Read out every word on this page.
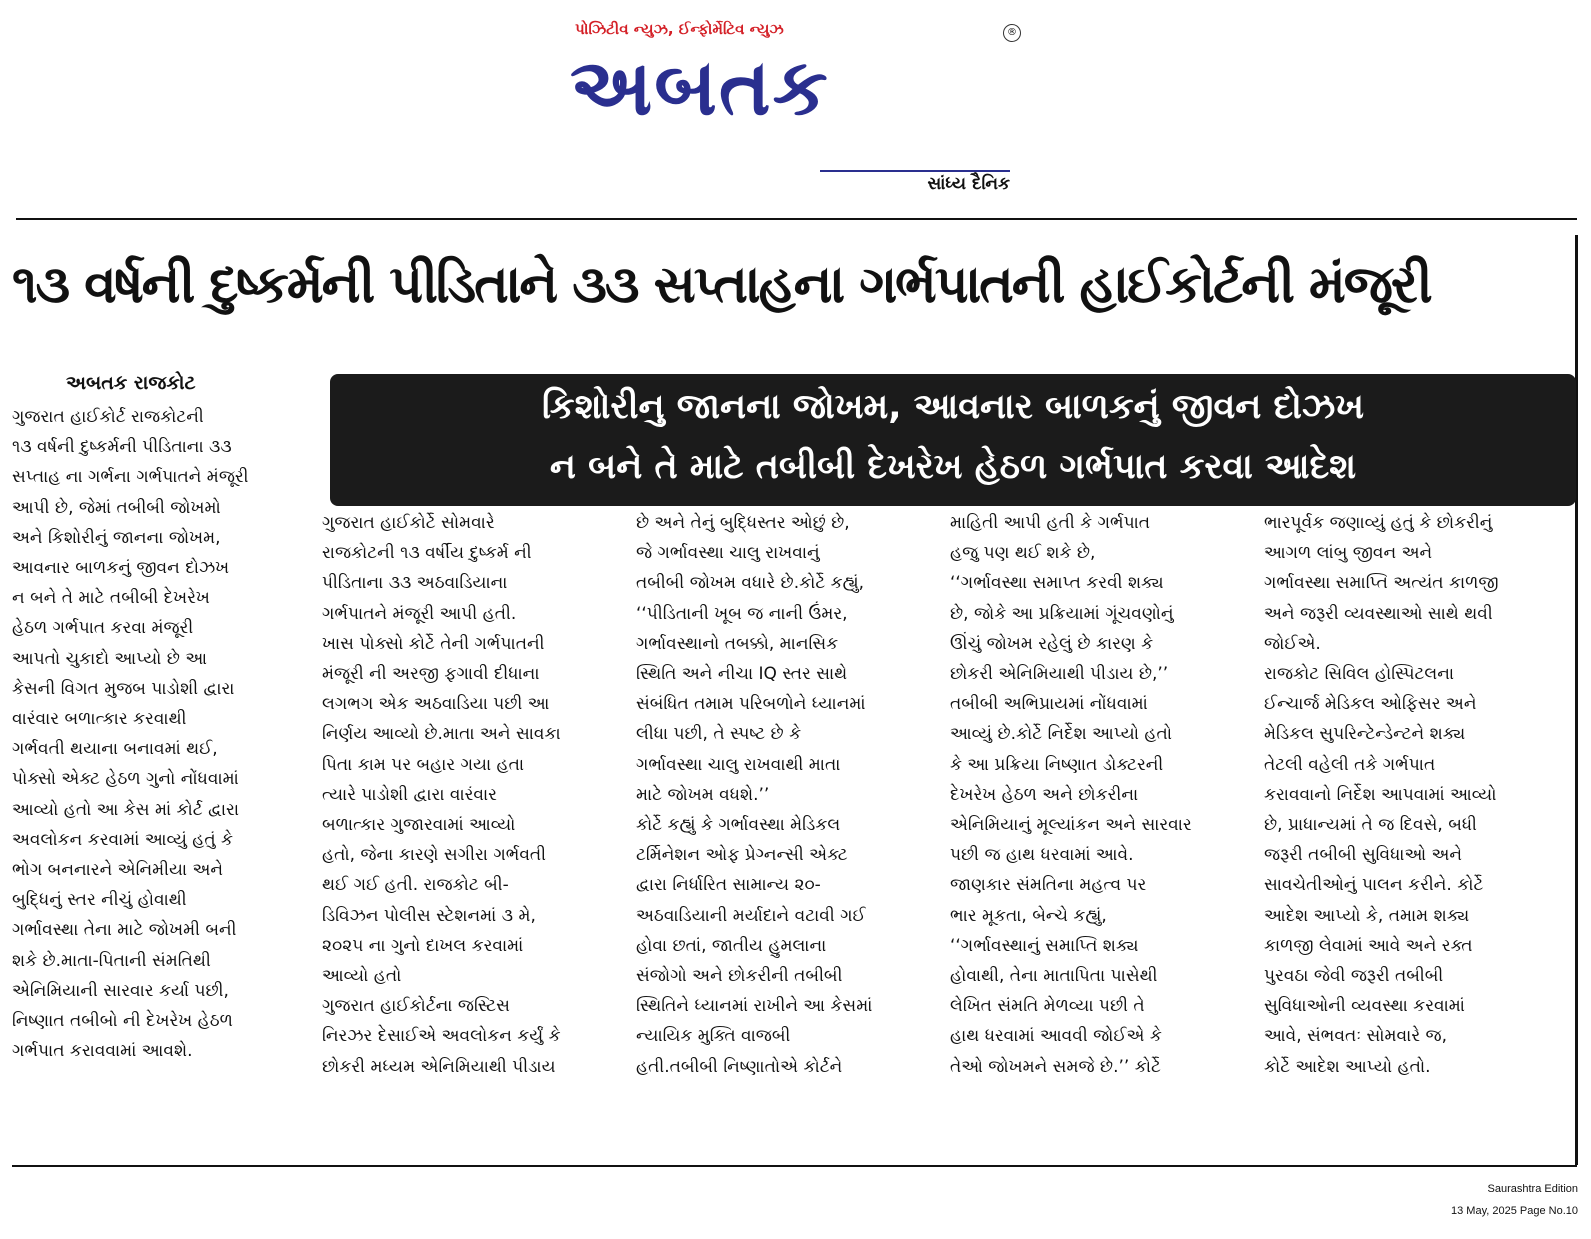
પોઝિટીવ ન્યુઝ, ઈન્ફોર્મેટિવ ન્યુઝ	®
અબતક
સાંધ્ય દૈનિક
૧૩ વર્ષની દુષ્કર્મની પીડિતાને ૩૩ સપ્તાહના ગર્ભપાતની હાઈકોર્ટની મંજૂરી
અબતક રાજકોટ
કિશોરીનુ જાનના જોખમ, આવનાર બાળકનું જીવન દોઝખ
ન બને તે માટે તબીબી દેખરેખ હેઠળ ગર્ભપાત કરવા આદેશ

ગુજરાત હાઈકોર્ટ રાજકોટની
૧૩ વર્ષની દુષ્કર્મની પીડિતાના ૩૩
સપ્તાહ ના ગર્ભના ગર્ભપાતને મંજૂરી
આપી છે, જેમાં તબીબી જોખમો
અને કિશોરીનું જાનના જોખમ,
આવનાર બાળકનું જીવન દોઝખ
ન બને તે માટે તબીબી દેખરેખ
હેઠળ ગર્ભપાત કરવા મંજૂરી
આપતો ચુકાદો આપ્યો છે આ
કેસની વિગત મુજબ પાડોશી દ્વારા
વારંવાર બળાત્કાર કરવાથી
ગર્ભવતી થયાના બનાવમાં થઈ,
પોક્સો એક્ટ હેઠળ ગુનો નોંધવામાં
આવ્યો હતો આ કેસ માં કોર્ટ દ્વારા
અવલોકન કરવામાં આવ્યું હતું કે
ભોગ બનનારને એનિમીયા અને
બુદ્ધિનું સ્તર નીચું હોવાથી
ગર્ભાવસ્થા તેના માટે જોખમી બની
શકે છે.માતા-પિતાની સંમતિથી
એનિમિયાની સારવાર કર્યા પછી,
નિષ્ણાત તબીબો ની દેખરેખ હેઠળ
ગર્ભપાત કરાવવામાં આવશે.

ગુજરાત હાઈકોર્ટે સોમવારે
રાજકોટની ૧૩ વર્ષીય દુષ્કર્મ ની
પીડિતાના ૩૩ અઠવાડિયાના
ગર્ભપાતને મંજૂરી આપી હતી.
ખાસ પોક્સો કોર્ટે તેની ગર્ભપાતની
મંજૂરી ની અરજી ફગાવી દીધાના
લગભગ એક અઠવાડિયા પછી આ
નિર્ણય આવ્યો છે.માતા અને સાવકા
પિતા કામ પર બહાર ગયા હતા
ત્યારે પાડોશી દ્વારા વારંવાર
બળાત્કાર ગુજારવામાં આવ્યો
હતો, જેના કારણે સગીરા ગર્ભવતી
થઈ ગઈ હતી. રાજકોટ બી-
ડિવિઝન પોલીસ સ્ટેશનમાં ૩ મે,
૨૦૨૫ ના ગુનો દાખલ કરવામાં
આવ્યો હતો
ગુજરાત હાઈકોર્ટના જસ્ટિસ
નિરઝર દેસાઈએ અવલોકન કર્યું કે
છોકરી મધ્યમ એનિમિયાથી પીડાય

છે અને તેનું બુદ્ધિસ્તર ઓછું છે,
જે ગર્ભાવસ્થા ચાલુ રાખવાનું
તબીબી જોખમ વધારે છે.કોર્ટે કહ્યું,
‘‘પીડિતાની ખૂબ જ નાની ઉંમર,
ગર્ભાવસ્થાનો તબક્કો, માનસિક
સ્થિતિ અને નીચા IQ સ્તર સાથે
સંબંધિત તમામ પરિબળોને ધ્યાનમાં
લીધા પછી, તે સ્પષ્ટ છે કે
ગર્ભાવસ્થા ચાલુ રાખવાથી માતા
માટે જોખમ વધશે.’’
કોર્ટે કહ્યું કે ગર્ભાવસ્થા મેડિકલ
ટર્મિનેશન ઓફ પ્રેગ્નન્સી એક્ટ
દ્વારા નિર્ધારિત સામાન્ય ૨૦-
અઠવાડિયાની મર્યાદાને વટાવી ગઈ
હોવા છતાં, જાતીય હુમલાના
સંજોગો અને છોકરીની તબીબી
સ્થિતિને ધ્યાનમાં રાખીને આ કેસમાં
ન્યાયિક મુક્તિ વાજબી
હતી.તબીબી નિષ્ણાતોએ કોર્ટને

માહિતી આપી હતી કે ગર્ભપાત
હજુ પણ થઈ શકે છે,
‘‘ગર્ભાવસ્થા સમાપ્ત કરવી શક્ય
છે, જોકે આ પ્રક્રિયામાં ગૂંચવણોનું
ઊંચું જોખમ રહેલું છે કારણ કે
છોકરી એનિમિયાથી પીડાય છે,’’
તબીબી અભિપ્રાયમાં નોંધવામાં
આવ્યું છે.કોર્ટે નિર્દેશ આપ્યો હતો
કે આ પ્રક્રિયા નિષ્ણાત ડોક્ટરની
દેખરેખ હેઠળ અને છોકરીના
એનિમિયાનું મૂલ્યાંકન અને સારવાર
પછી જ હાથ ધરવામાં આવે.
જાણકાર સંમતિના મહત્વ પર
ભાર મૂકતા, બેન્ચે કહ્યું,
‘‘ગર્ભાવસ્થાનું સમાપ્તિ શક્ય
હોવાથી, તેના માતાપિતા પાસેથી
લેખિત સંમતિ મેળવ્યા પછી તે
હાથ ધરવામાં આવવી જોઈએ કે
તેઓ જોખમને સમજે છે.’’ કોર્ટે

ભારપૂર્વક જણાવ્યું હતું કે છોકરીનું
આગળ લાંબુ જીવન અને
ગર્ભાવસ્થા સમાપ્તિ અત્યંત કાળજી
અને જરૂરી વ્યવસ્થાઓ સાથે થવી
જોઈએ.
રાજકોટ સિવિલ હોસ્પિટલના
ઈન્ચાર્જ મેડિકલ ઓફિસર અને
મેડિકલ સુપરિન્ટેન્ડેન્ટને શક્ય
તેટલી વહેલી તકે ગર્ભપાત
કરાવવાનો નિર્દેશ આપવામાં આવ્યો
છે, પ્રાધાન્યમાં તે જ દિવસે, બધી
જરૂરી તબીબી સુવિધાઓ અને
સાવચેતીઓનું પાલન કરીને. કોર્ટે
આદેશ આપ્યો કે, તમામ શક્ય
કાળજી લેવામાં આવે અને રક્ત
પુરવઠા જેવી જરૂરી તબીબી
સુવિધાઓની વ્યવસ્થા કરવામાં
આવે, સંભવતઃ સોમવારે જ,
કોર્ટે આદેશ આપ્યો હતો.

Saurashtra Edition
13 May, 2025 Page No.10
